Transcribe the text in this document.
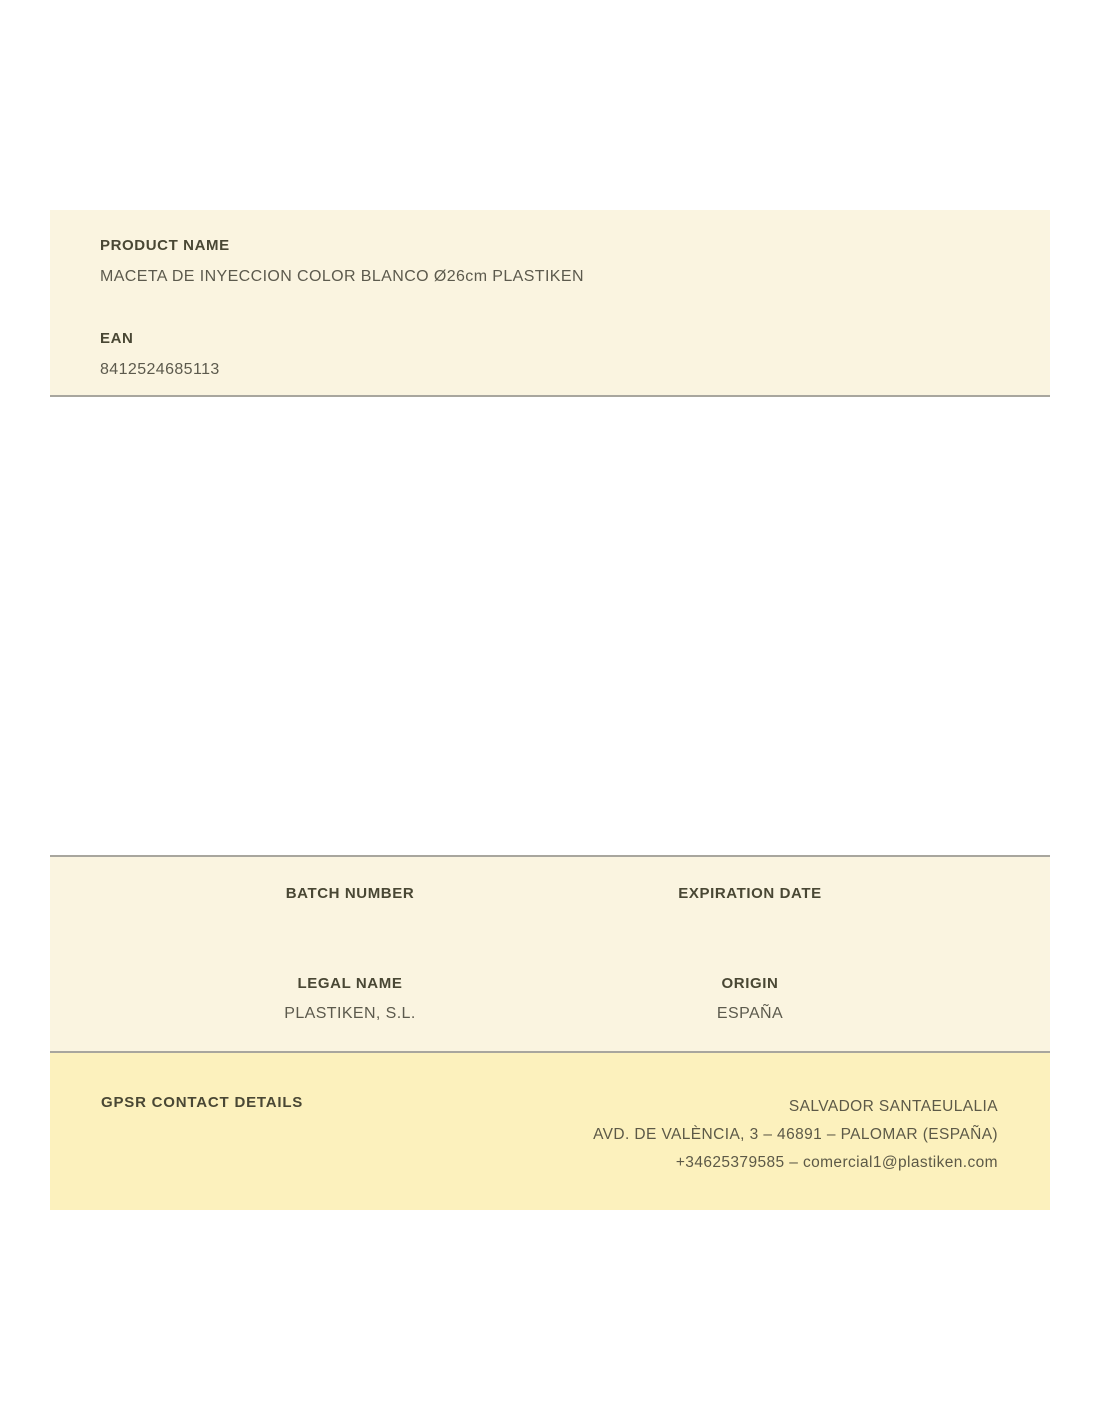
PRODUCT NAME
MACETA DE INYECCION COLOR BLANCO Ø26cm PLASTIKEN
EAN
8412524685113
BATCH NUMBER	EXPIRATION DATE
LEGAL NAME
PLASTIKEN, S.L.
ORIGIN
ESPAÑA
GPSR CONTACT DETAILS	SALVADOR SANTAEULALIA
AVD. DE VALÈNCIA, 3 – 46891 – PALOMAR (ESPAÑA)
+34625379585 – comercial1@plastiken.com
